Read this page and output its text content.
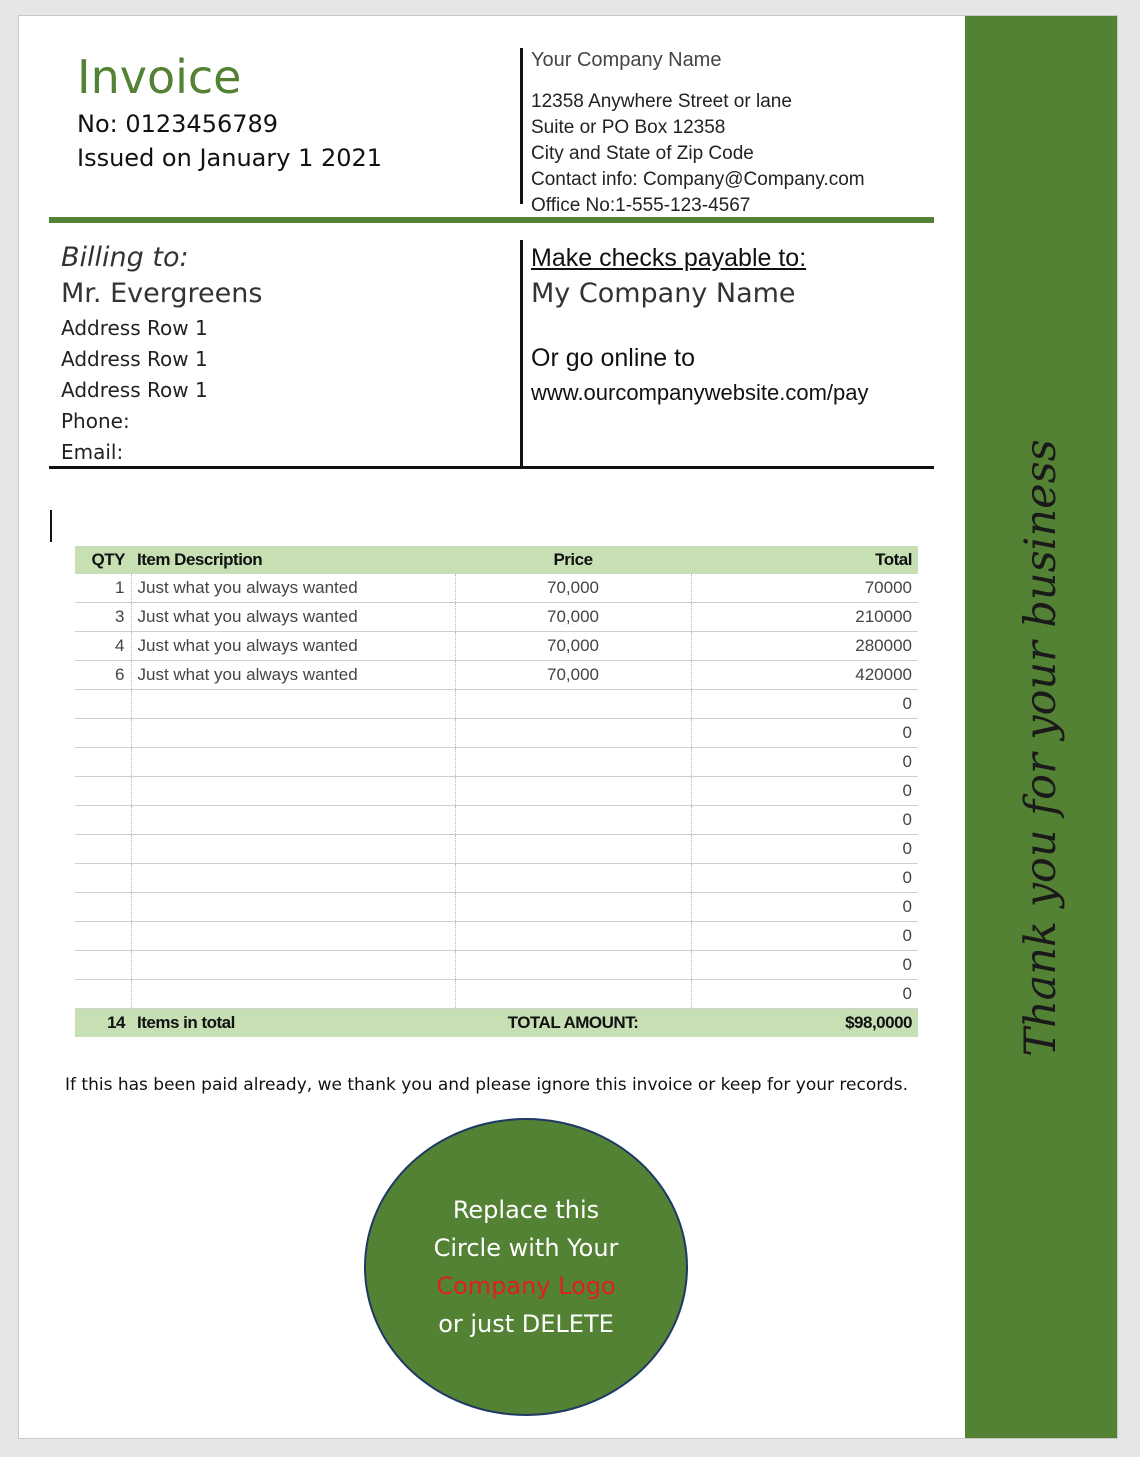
Invoice
No: 0123456789
Issued on January 1 2021
Your Company Name
12358 Anywhere Street or lane
Suite or PO Box 12358
City and State of Zip Code
Contact info: Company@Company.com
Office No:1-555-123-4567
Billing to:
Mr. Evergreens
Address Row 1
Address Row 1
Address Row 1
Phone:
Email:
Make checks payable to:
My Company Name
Or go online to
www.ourcompanywebsite.com/pay
QTY	Item Description	Price	Total
1	Just what you always wanted	70,000	70000
3	Just what you always wanted	70,000	210000
4	Just what you always wanted	70,000	280000
6	Just what you always wanted	70,000	420000
			0
			0
			0
			0
			0
			0
			0
			0
			0
			0
			0
14	Items in total	TOTAL AMOUNT:	$98,0000
If this has been paid already, we thank you and please ignore this invoice or keep for your records.
Replace this
Circle with Your
Company Logo
or just DELETE
Thank you for your business
